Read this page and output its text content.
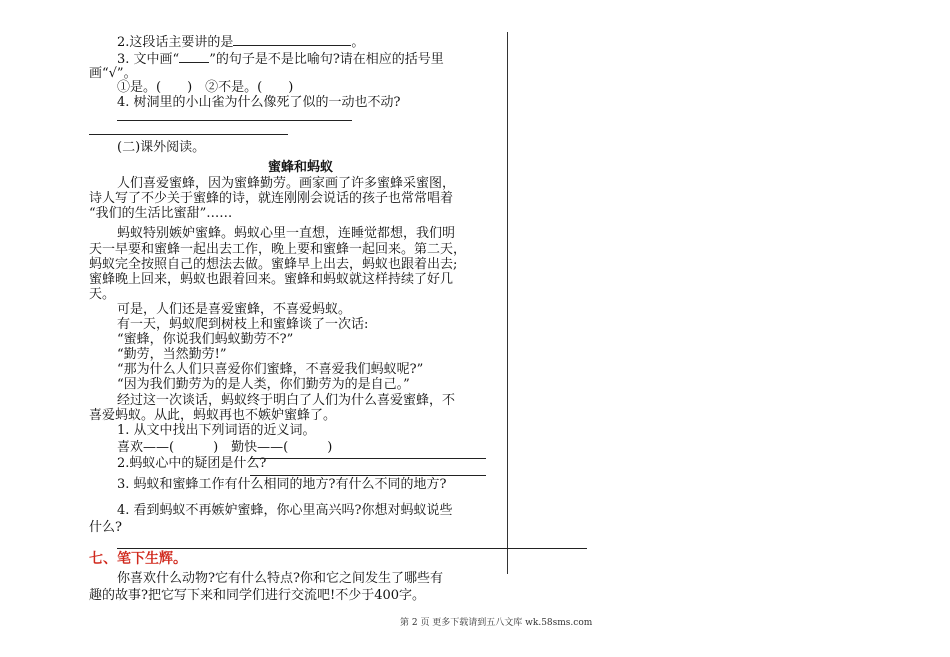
2.这段话主要讲的是	。
3. 文中画“ ”的句子是不是比喻句?请在相应的括号里
画“√”。
①是。(　　)　②不是。(　　)
4. 树洞里的小山雀为什么像死了似的一动也不动?
(二)课外阅读。
蜜蜂和蚂蚁
人们喜爱蜜蜂，因为蜜蜂勤劳。画家画了许多蜜蜂采蜜图，
诗人写了不少关于蜜蜂的诗，就连刚刚会说话的孩子也常常唱着
“我们的生活比蜜甜”……
蚂蚁特别嫉妒蜜蜂。蚂蚁心里一直想，连睡觉都想，我们明
天一早要和蜜蜂一起出去工作，晚上要和蜜蜂一起回来。第二天，
蚂蚁完全按照自己的想法去做。蜜蜂早上出去，蚂蚁也跟着出去;
蜜蜂晚上回来，蚂蚁也跟着回来。蜜蜂和蚂蚁就这样持续了好几
天。
可是，人们还是喜爱蜜蜂，不喜爱蚂蚁。
有一天，蚂蚁爬到树枝上和蜜蜂谈了一次话:
“蜜蜂，你说我们蚂蚁勤劳不?”
“勤劳，当然勤劳!”
“那为什么人们只喜爱你们蜜蜂，不喜爱我们蚂蚁呢?”
“因为我们勤劳为的是人类，你们勤劳为的是自己。”
经过这一次谈话，蚂蚁终于明白了人们为什么喜爱蜜蜂，不
喜爱蚂蚁。从此，蚂蚁再也不嫉妒蜜蜂了。
1. 从文中找出下列词语的近义词。
喜欢——(　　　)　勤快——(　　　)
2.蚂蚁心中的疑团是什么?
3. 蚂蚁和蜜蜂工作有什么相同的地方?有什么不同的地方?
4. 看到蚂蚁不再嫉妒蜜蜂，你心里高兴吗?你想对蚂蚁说些
什么?
七、笔下生辉。
你喜欢什么动物?它有什么特点?你和它之间发生了哪些有
趣的故事?把它写下来和同学们进行交流吧!不少于400字。
第 2 页 更多下载请到五八文库 wk.58sms.com
